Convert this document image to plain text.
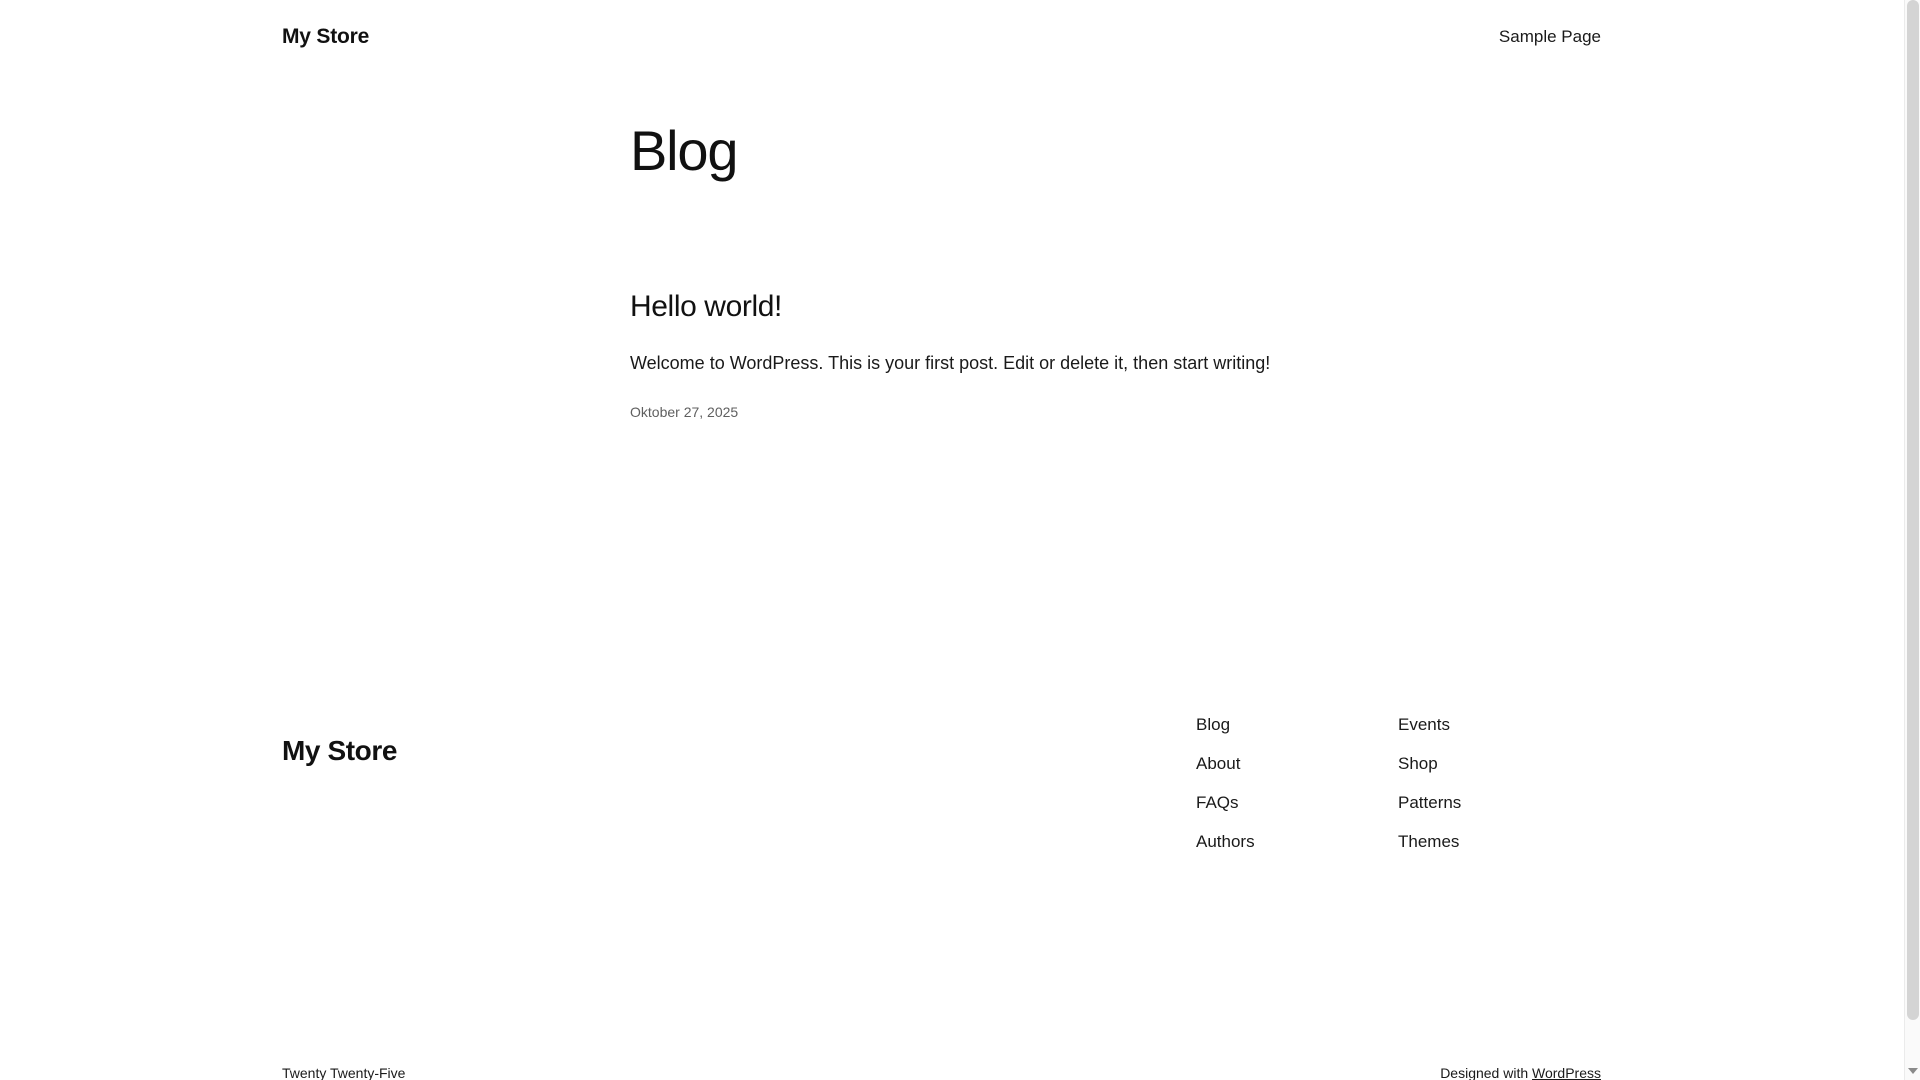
My Store	Sample Page
Blog
Hello world!

Welcome to WordPress. This is your first post. Edit or delete it, then start writing!

Oktober 27, 2025

My Store
Blog
About
FAQs
Authors
Events
Shop
Patterns
Themes
Twenty Twenty-Five	Designed with WordPress
